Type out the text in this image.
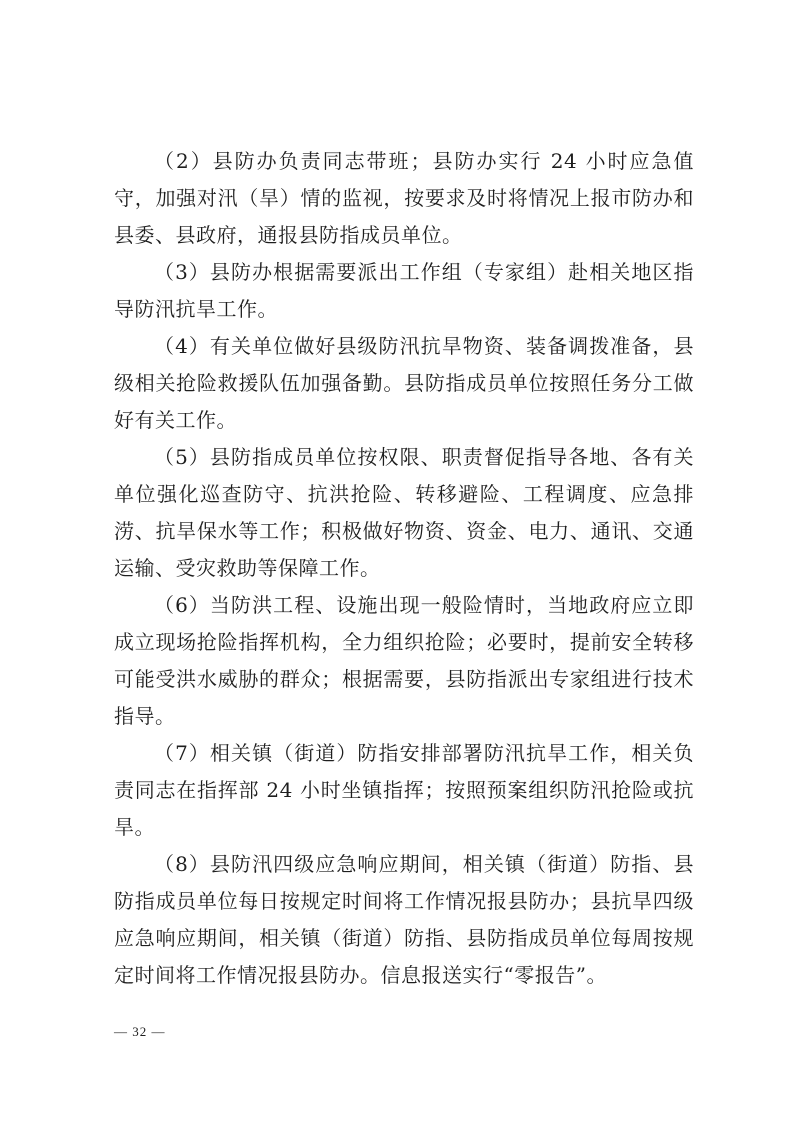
（2）县防办负责同志带班；县防办实行 24 小时应急值守，加强对汛（旱）情的监视，按要求及时将情况上报市防办和县委、县政府，通报县防指成员单位。

（3）县防办根据需要派出工作组（专家组）赴相关地区指导防汛抗旱工作。

（4）有关单位做好县级防汛抗旱物资、装备调拨准备，县级相关抢险救援队伍加强备勤。县防指成员单位按照任务分工做好有关工作。

（5）县防指成员单位按权限、职责督促指导各地、各有关单位强化巡查防守、抗洪抢险、转移避险、工程调度、应急排涝、抗旱保水等工作；积极做好物资、资金、电力、通讯、交通运输、受灾救助等保障工作。

（6）当防洪工程、设施出现一般险情时，当地政府应立即成立现场抢险指挥机构，全力组织抢险；必要时，提前安全转移可能受洪水威胁的群众；根据需要，县防指派出专家组进行技术指导。

（7）相关镇（街道）防指安排部署防汛抗旱工作，相关负责同志在指挥部 24 小时坐镇指挥；按照预案组织防汛抢险或抗旱。

（8）县防汛四级应急响应期间，相关镇（街道）防指、县防指成员单位每日按规定时间将工作情况报县防办；县抗旱四级应急响应期间，相关镇（街道）防指、县防指成员单位每周按规定时间将工作情况报县防办。信息报送实行“零报告”。

— 32 —
